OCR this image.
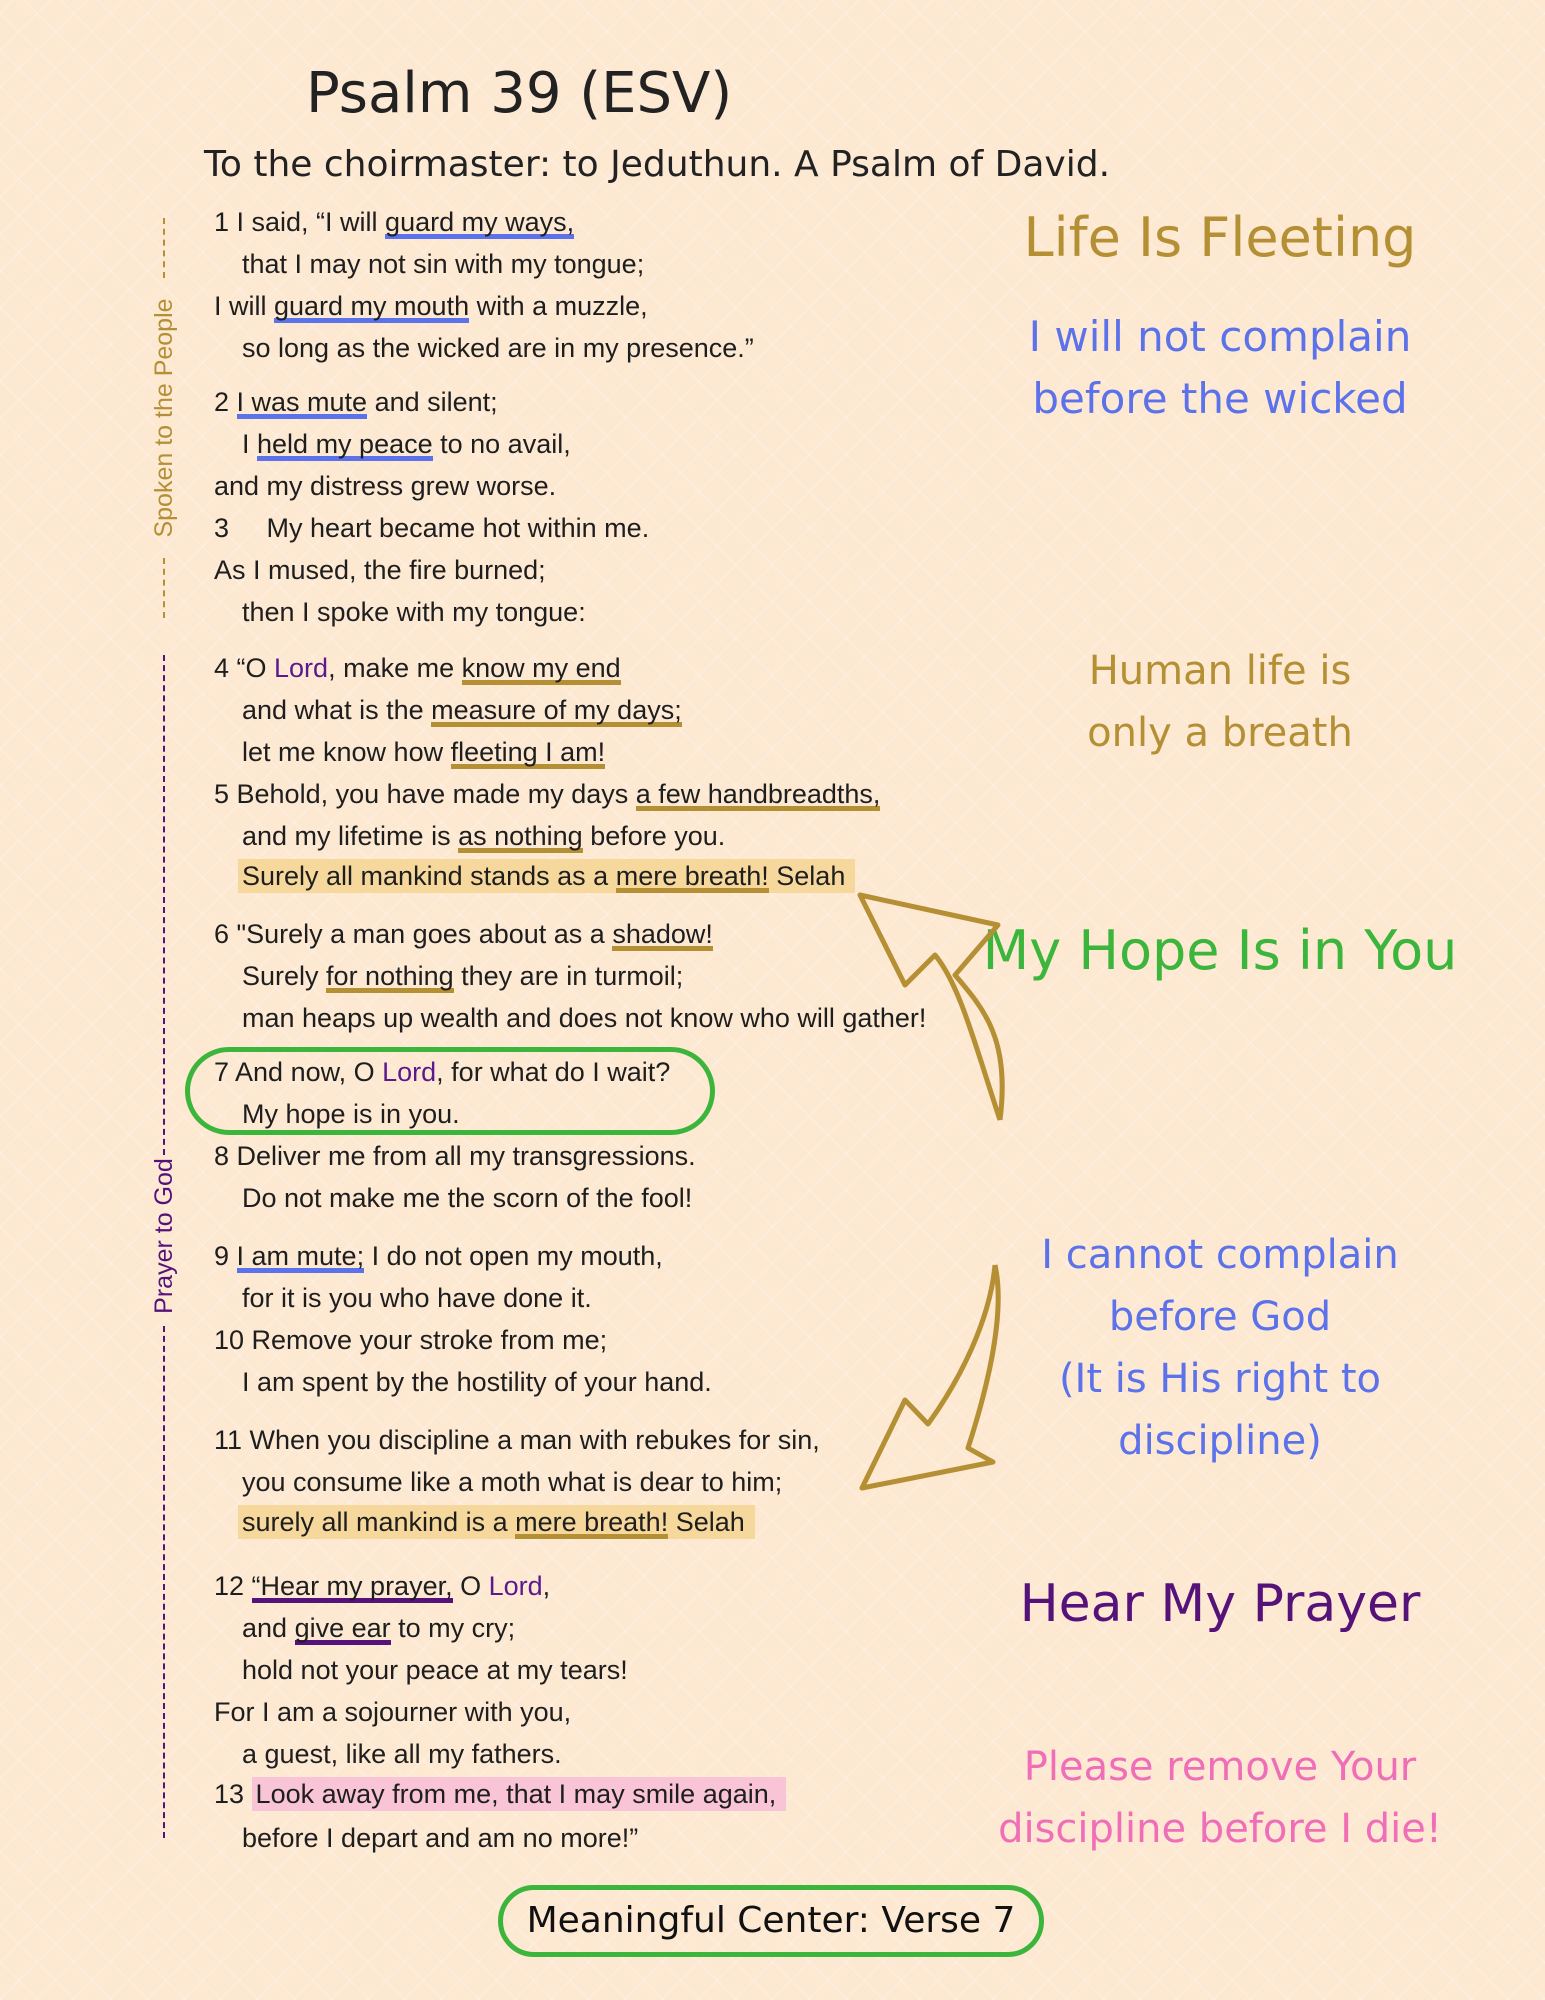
Psalm 39 (ESV)
To the choirmaster: to Jeduthun. A Psalm of David.
Spoken to the People
Prayer to God
1 I said, “I will guard my ways,
that I may not sin with my tongue;
I will guard my mouth with a muzzle,
so long as the wicked are in my presence.”
2 I was mute and silent;
I held my peace to no avail,
and my distress grew worse.
3     My heart became hot within me.
As I mused, the fire burned;
then I spoke with my tongue:
4 “O Lord, make me know my end
and what is the measure of my days;
let me know how fleeting I am!
5 Behold, you have made my days a few handbreadths,
and my lifetime is as nothing before you.
Surely all mankind stands as a mere breath! Selah
6 "Surely a man goes about as a shadow!
Surely for nothing they are in turmoil;
man heaps up wealth and does not know who will gather!
7 And now, O Lord, for what do I wait?
My hope is in you.
8 Deliver me from all my transgressions.
Do not make me the scorn of the fool!
9 I am mute; I do not open my mouth,
for it is you who have done it.
10 Remove your stroke from me;
I am spent by the hostility of your hand.
11 When you discipline a man with rebukes for sin,
you consume like a moth what is dear to him;
surely all mankind is a mere breath! Selah
12 “Hear my prayer, O Lord,
and give ear to my cry;
hold not your peace at my tears!
For I am a sojourner with you,
a guest, like all my fathers.
13 Look away from me, that I may smile again,
before I depart and am no more!”
Life Is Fleeting
I will not complain
before the wicked
Human life is
only a breath
My Hope Is in You
I cannot complain
before God
(It is His right to
discipline)
Hear My Prayer
Please remove Your
discipline before I die!
Meaningful Center: Verse 7
